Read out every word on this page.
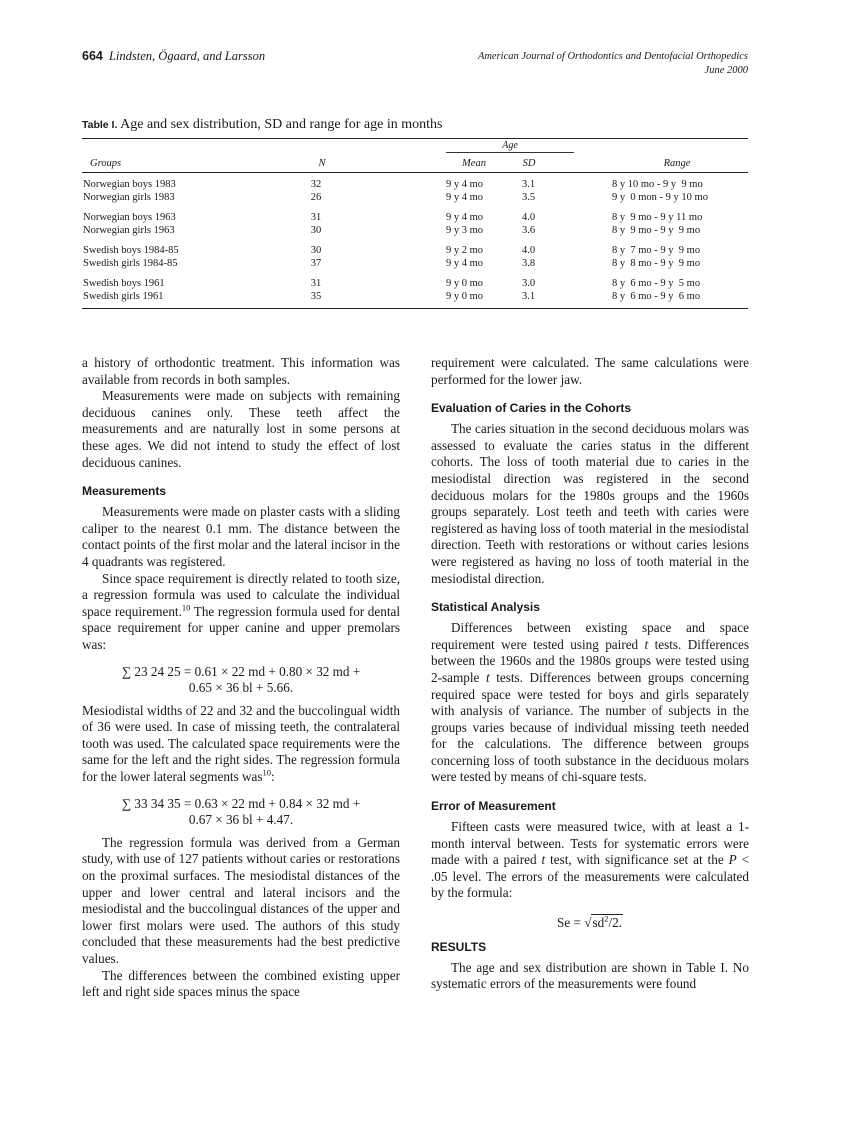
664 Lindsten, Ögaard, and Larsson	American Journal of Orthodontics and Dentofacial Orthopedics
June 2000
Table I. Age and sex distribution, SD and range for age in months
Age
Groups	N	Mean	SD	Range
Norwegian boys 1983	32	9 y 4 mo	3.1	8 y 10 mo - 9 y  9 mo
Norwegian girls 1983	26	9 y 4 mo	3.5	9 y  0 mon - 9 y 10 mo
Norwegian boys 1963	31	9 y 4 mo	4.0	8 y  9 mo - 9 y 11 mo
Norwegian girls 1963	30	9 y 3 mo	3.6	8 y  9 mo - 9 y  9 mo
Swedish boys 1984-85	30	9 y 2 mo	4.0	8 y  7 mo - 9 y  9 mo
Swedish girls 1984-85	37	9 y 4 mo	3.8	8 y  8 mo - 9 y  9 mo
Swedish boys 1961	31	9 y 0 mo	3.0	8 y  6 mo - 9 y  5 mo
Swedish girls 1961	35	9 y 0 mo	3.1	8 y  6 mo - 9 y  6 mo

a history of orthodontic treatment. This information was available from records in both samples.

Measurements were made on subjects with remaining deciduous canines only. These teeth affect the measurements and are naturally lost in some persons at these ages. We did not intend to study the effect of lost deciduous canines.

Measurements

Measurements were made on plaster casts with a sliding caliper to the nearest 0.1 mm. The distance between the contact points of the first molar and the lateral incisor in the 4 quadrants was registered.

Since space requirement is directly related to tooth size, a regression formula was used to calculate the individual space requirement.$^{10}$ The regression formula used for dental space requirement for upper canine and upper premolars was:

∑ 23 24 25 = 0.61 × 22 md + 0.80 × 32 md +
0.65 × 36 bl + 5.66.

Mesiodistal widths of 22 and 32 and the buccolingual width of 36 were used. In case of missing teeth, the contralateral tooth was used. The calculated space requirements were the same for the left and the right sides. The regression formula for the lower lateral segments was$^{10}$:

∑ 33 34 35 = 0.63 × 22 md + 0.84 × 32 md +
0.67 × 36 bl + 4.47.

The regression formula was derived from a German study, with use of 127 patients without caries or restorations on the proximal surfaces. The mesiodistal distances of the upper and lower central and lateral incisors and the mesiodistal and the buccolingual distances of the upper and lower first molars were used. The authors of this study concluded that these measurements had the best predictive values.

The differences between the combined existing upper left and right side spaces minus the space

requirement were calculated. The same calculations were performed for the lower jaw.

Evaluation of Caries in the Cohorts

The caries situation in the second deciduous molars was assessed to evaluate the caries status in the different cohorts. The loss of tooth material due to caries in the mesiodistal direction was registered in the second deciduous molars for the 1980s groups and the 1960s groups separately. Lost teeth and teeth with caries were registered as having loss of tooth material in the mesiodistal direction. Teeth with restorations or without caries lesions were registered as having no loss of tooth material in the mesiodistal direction.

Statistical Analysis

Differences between existing space and space requirement were tested using paired t tests. Differences between the 1960s and the 1980s groups were tested using 2-sample t tests. Differences between groups concerning required space were tested for boys and girls separately with analysis of variance. The number of subjects in the groups varies because of individual missing teeth needed for the calculations. The difference between groups concerning loss of tooth substance in the deciduous molars were tested by means of chi-square tests.

Error of Measurement

Fifteen casts were measured twice, with at least a 1-month interval between. Tests for systematic errors were made with a paired t test, with significance set at the P < .05 level. The errors of the measurements were calculated by the formula:

$Se = √sd^2/2$.
RESULTS

The age and sex distribution are shown in Table I. No systematic errors of the measurements were found
